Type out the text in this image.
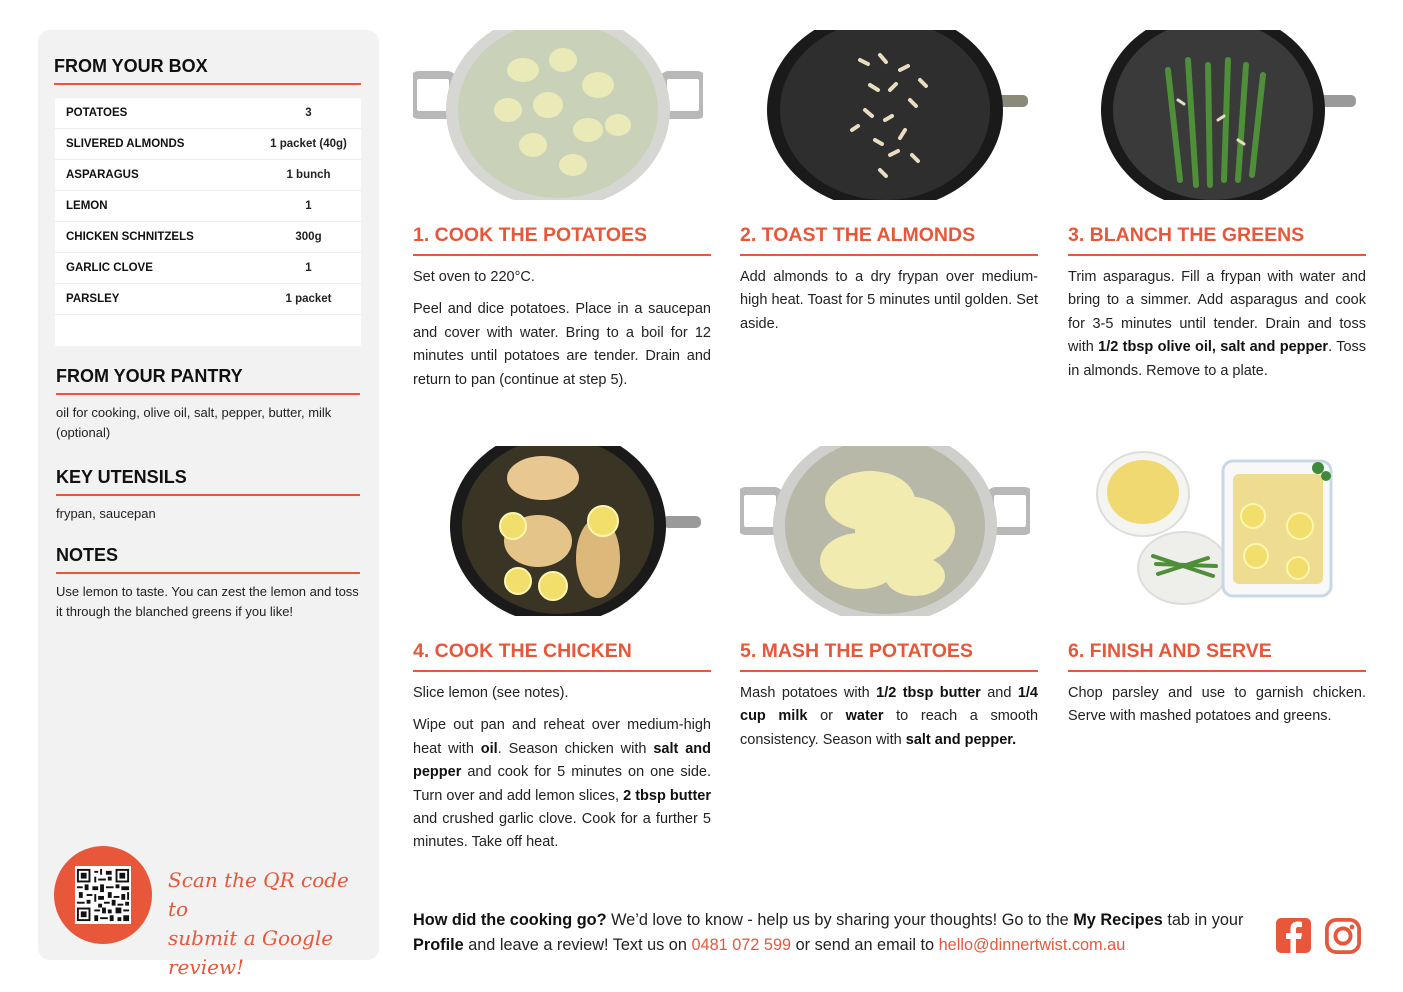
FROM YOUR BOX
POTATOES	3
SLIVERED ALMONDS	1 packet (40g)
ASPARAGUS	1 bunch
LEMON	1
CHICKEN SCHNITZELS	300g
GARLIC CLOVE	1
PARSLEY	1 packet
FROM YOUR PANTRY

oil for cooking, olive oil, salt, pepper, butter, milk (optional)

KEY UTENSILS

frypan, saucepan

NOTES

Use lemon to taste. You can zest the lemon and toss it through the blanched greens if you like!

Scan the QR code to
submit a Google review!
1. COOK THE POTATOES	2. TOAST THE ALMONDS	3. BLANCH THE GREENS

Set oven to 220°C.

Peel and dice potatoes. Place in a saucepan and cover with water. Bring to a boil for 12 minutes until potatoes are tender. Drain and return to pan (continue at step 5).

Add almonds to a dry frypan over medium-high heat. Toast for 5 minutes until golden. Set aside.

Trim asparagus. Fill a frypan with water and bring to a simmer. Add asparagus and cook for 3-5 minutes until tender. Drain and toss with 1/2 tbsp olive oil, salt and pepper. Toss in almonds. Remove to a plate.

4. COOK THE CHICKEN	5. MASH THE POTATOES	6. FINISH AND SERVE

Slice lemon (see notes).

Wipe out pan and reheat over medium-high heat with oil. Season chicken with salt and pepper and cook for 5 minutes on one side. Turn over and add lemon slices, 2 tbsp butter and crushed garlic clove. Cook for a further 5 minutes. Take off heat.

Mash potatoes with 1/2 tbsp butter and 1/4 cup milk or water to reach a smooth consistency. Season with salt and pepper.

Chop parsley and use to garnish chicken. Serve with mashed potatoes and greens.

How did the cooking go? We’d love to know - help us by sharing your thoughts! Go to the My Recipes tab in your Profile and leave a review! Text us on 0481 072 599 or send an email to hello@dinnertwist.com.au
